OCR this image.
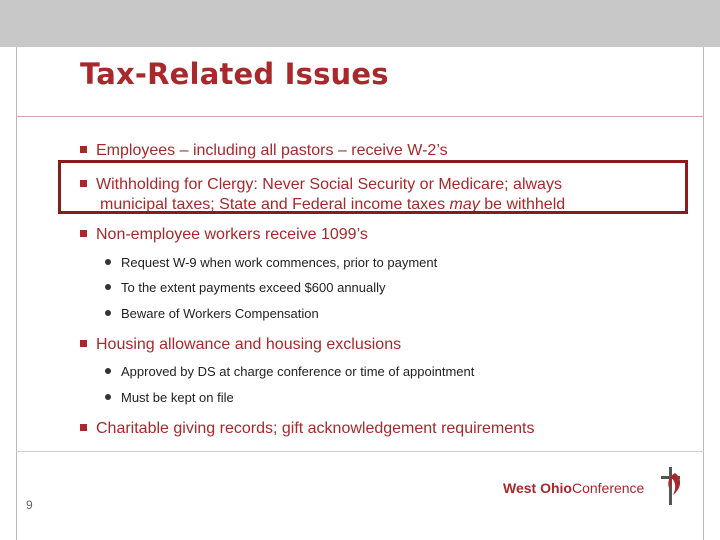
Tax-Related Issues
Employees – including all pastors – receive W-2’s
Withholding for Clergy: Never Social Security or Medicare; always
municipal taxes; State and Federal income taxes may be withheld
Non-employee workers receive 1099’s
Request W-9 when work commences, prior to payment
To the extent payments exceed $600 annually
Beware of Workers Compensation
Housing allowance and housing exclusions
Approved by DS at charge conference or time of appointment
Must be kept on file
Charitable giving records; gift acknowledgement requirements
9
West OhioConference
